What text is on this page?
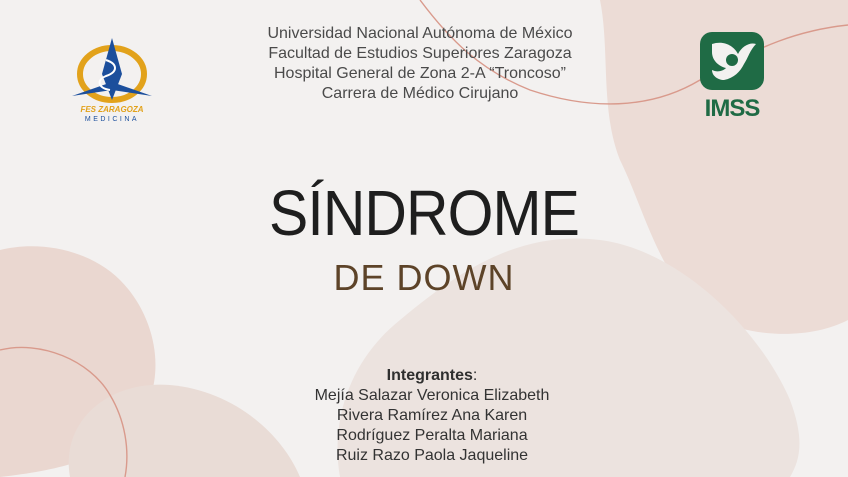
FES ZARAGOZA
MEDICINA	IMSS
Universidad Nacional Autónoma de México
Facultad de Estudios Superiores Zaragoza
Hospital General de Zona 2-A “Troncoso”
Carrera de Médico Cirujano
SÍNDROME
DE DOWN
Integrantes:
Mejía Salazar Veronica Elizabeth
Rivera Ramírez Ana Karen
Rodríguez Peralta Mariana
Ruiz Razo Paola Jaqueline
